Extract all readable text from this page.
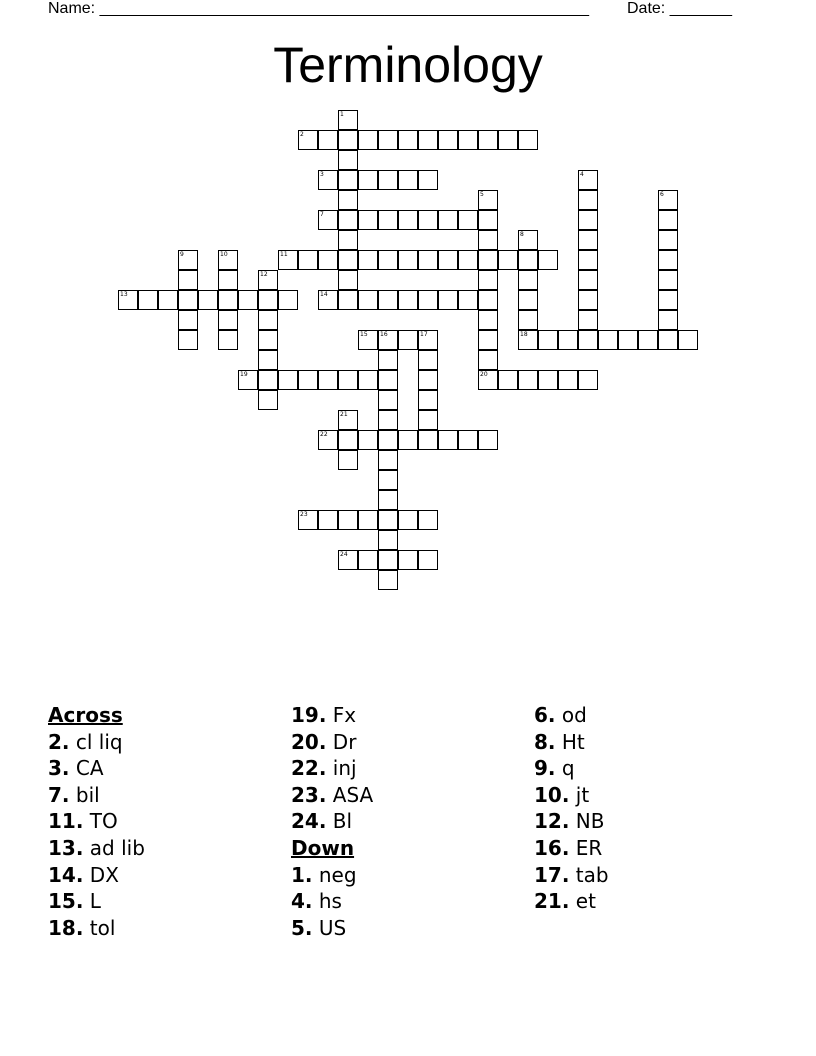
Name: _______________________________________________________ Date: _______
Terminology
2
3
7
11
13	14
15 16	18
19	20
22
23
24
1
4
5	6
8
9	10
12
17
21
Across
2. cl liq
3. CA
7. bil
11. TO
13. ad lib
14. DX
15. L
18. tol
19. Fx
20. Dr
22. inj
23. ASA
24. Bl
Down
1. neg
4. hs
5. US
6. od
8. Ht
9. q
10. jt
12. NB
16. ER
17. tab
21. et
